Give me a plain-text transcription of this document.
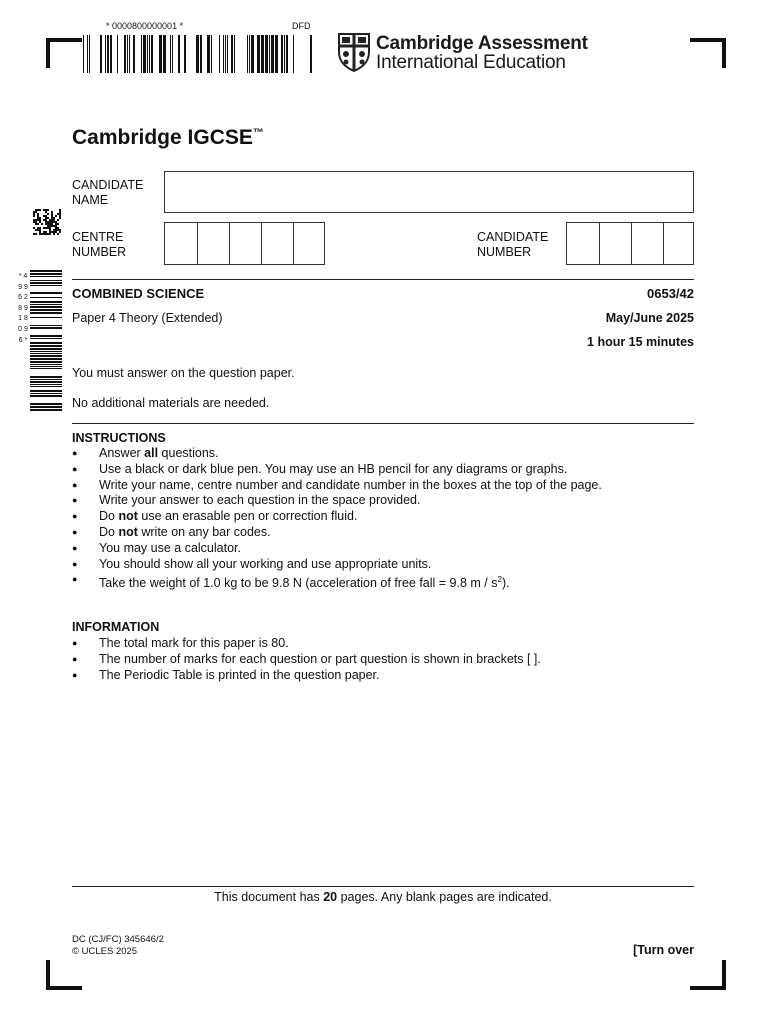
* 0000800000001 *	DFD
Cambridge Assessment
International Education
* 4 9 9 6 2 8 9 1 8 0 9 6 *
Cambridge IGCSE™
CANDIDATE
NAME
CENTRE
NUMBER
CANDIDATE
NUMBER
COMBINED SCIENCE	0653/42
Paper 4 Theory (Extended)	May/June 2025
1 hour 15 minutes
You must answer on the question paper.
No additional materials are needed.
INSTRUCTIONS
● Answer all questions.
● Use a black or dark blue pen. You may use an HB pencil for any diagrams or graphs.
● Write your name, centre number and candidate number in the boxes at the top of the page.
● Write your answer to each question in the space provided.
● Do not use an erasable pen or correction fluid.
● Do not write on any bar codes.
● You may use a calculator.
● You should show all your working and use appropriate units.
● Take the weight of 1.0 kg to be 9.8 N (acceleration of free fall = 9.8 m / $s^2$).
INFORMATION
● The total mark for this paper is 80.
● The number of marks for each question or part question is shown in brackets [ ].
● The Periodic Table is printed in the question paper.
This document has 20 pages. Any blank pages are indicated.
DC (CJ/FC) 345646/2
© UCLES 2025	[Turn over
